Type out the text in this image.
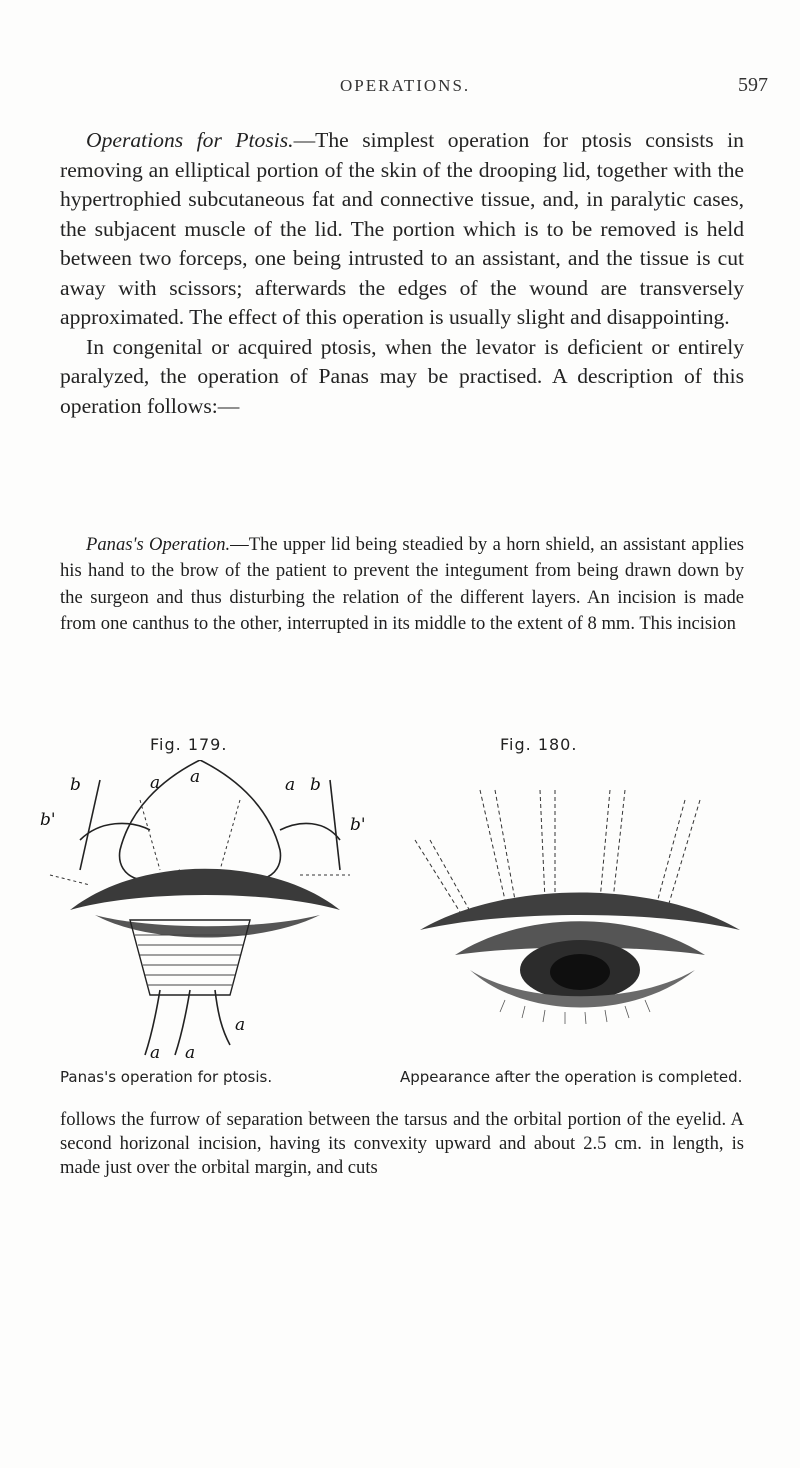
OPERATIONS.	597

Operations for Ptosis.—The simplest operation for ptosis consists in removing an elliptical portion of the skin of the drooping lid, together with the hypertrophied subcutaneous fat and connective tissue, and, in paralytic cases, the subjacent muscle of the lid. The portion which is to be removed is held between two forceps, one being intrusted to an assistant, and the tissue is cut away with scissors; afterwards the edges of the wound are transversely approximated. The effect of this operation is usually slight and disappointing.

In congenital or acquired ptosis, when the levator is deficient or entirely paralyzed, the operation of Panas may be practised. A description of this operation follows:—

Panas's Operation.—The upper lid being steadied by a horn shield, an assistant applies his hand to the brow of the patient to prevent the integument from being drawn down by the surgeon and thus disturbing the relation of the different layers. An incision is made from one canthus to the other, interrupted in its middle to the extent of 8 mm. This incision

Fig. 179.	Fig. 180.
b	a a	a b
b'	b'
a a
a
Panas's operation for ptosis.	Appearance after the operation is completed.

follows the furrow of separation between the tarsus and the orbital portion of the eyelid. A second horizonal incision, having its convexity upward and about 2.5 cm. in length, is made just over the orbital margin, and cuts
